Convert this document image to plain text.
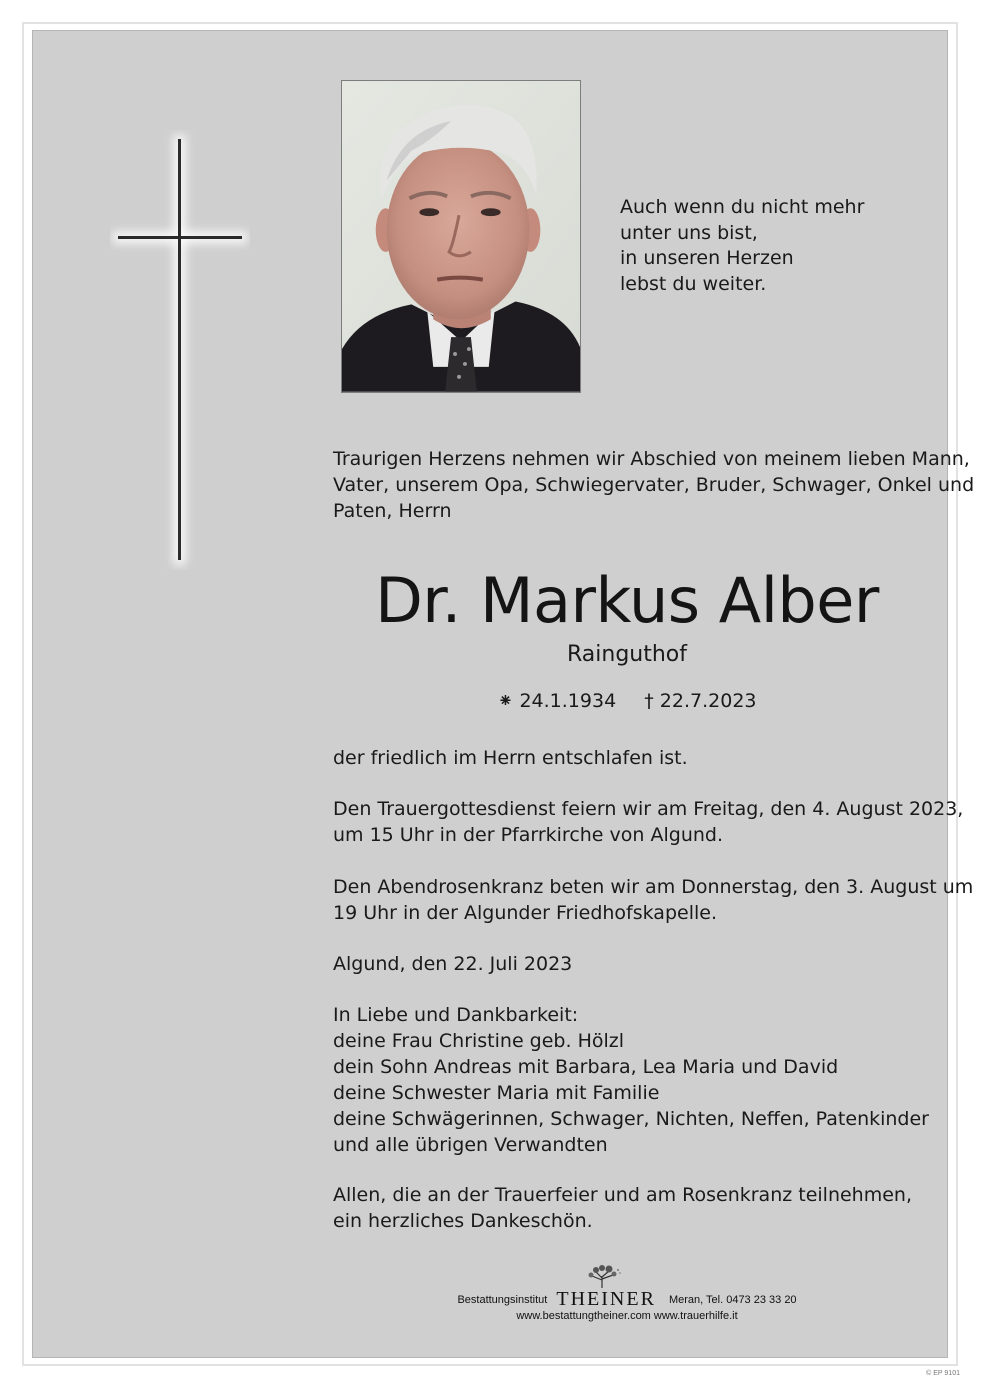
Auch wenn du nicht mehr
unter uns bist,
in unseren Herzen
lebst du weiter.
Traurigen Herzens nehmen wir Abschied von meinem lieben Mann,
Vater, unserem Opa, Schwiegervater, Bruder, Schwager, Onkel und
Paten, Herrn
Dr. Markus Alber
Rainguthof
⁕ 24.1.1934 † 22.7.2023
der friedlich im Herrn entschlafen ist.
Den Trauergottesdienst feiern wir am Freitag, den 4. August 2023,
um 15 Uhr in der Pfarrkirche von Algund.
Den Abendrosenkranz beten wir am Donnerstag, den 3. August um
19 Uhr in der Algunder Friedhofskapelle.
Algund, den 22. Juli 2023
In Liebe und Dankbarkeit:
deine Frau Christine geb. Hölzl
dein Sohn Andreas mit Barbara, Lea Maria und David
deine Schwester Maria mit Familie
deine Schwägerinnen, Schwager, Nichten, Neffen, Patenkinder
und alle übrigen Verwandten
Allen, die an der Trauerfeier und am Rosenkranz teilnehmen,
ein herzliches Dankeschön.
Bestattungsinstitut THEINER Meran, Tel. 0473 23 33 20
www.bestattungtheiner.com www.trauerhilfe.it
© EP 9101
